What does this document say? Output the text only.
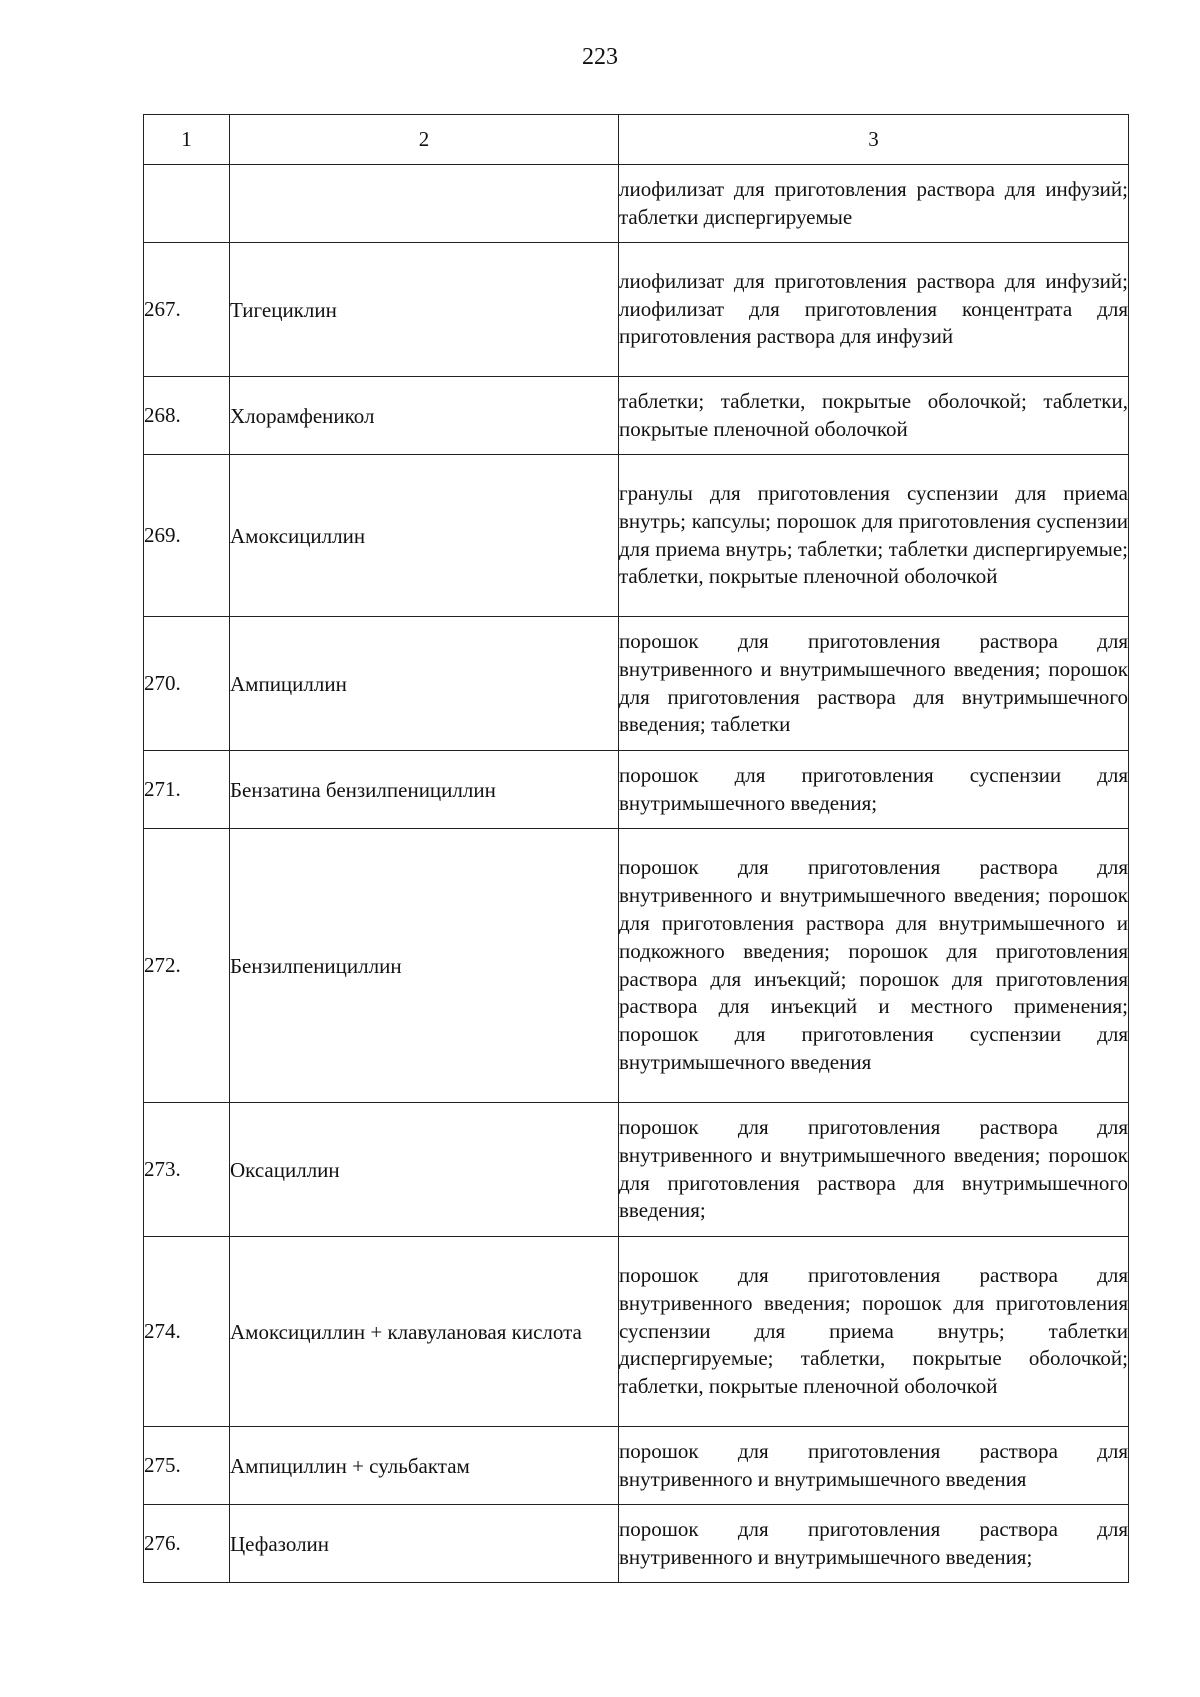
223
1	2	3
		лиофилизат для приготовления раствора для инфузий; таблетки диспергируемые
267.	Тигециклин	лиофилизат для приготовления раствора для инфузий; лиофилизат для приготовления концентрата для приготовления раствора для инфузий
268.	Хлорамфеникол	таблетки; таблетки, покрытые оболочкой; таблетки, покрытые пленочной оболочкой
269.	Амоксициллин	гранулы для приготовления суспензии для приема внутрь; капсулы; порошок для приготовления суспензии для приема внутрь; таблетки; таблетки диспергируемые; таблетки, покрытые пленочной оболочкой
270.	Ампициллин	порошок для приготовления раствора для внутривенного и внутримышечного введения; порошок для приготовления раствора для внутримышечного введения; таблетки
271.	Бензатина бензилпенициллин	порошок для приготовления суспензии для внутримышечного введения;
272.	Бензилпенициллин	порошок для приготовления раствора для внутривенного и внутримышечного введения; порошок для приготовления раствора для внутримышечного и подкожного введения; порошок для приготовления раствора для инъекций; порошок для приготовления раствора для инъекций и местного применения; порошок для приготовления суспензии для внутримышечного введения
273.	Оксациллин	порошок для приготовления раствора для внутривенного и внутримышечного введения; порошок для приготовления раствора для внутримышечного введения;
274.	Амоксициллин + клавулановая кислота	порошок для приготовления раствора для внутривенного введения; порошок для приготовления суспензии для приема внутрь; таблетки диспергируемые; таблетки, покрытые оболочкой; таблетки, покрытые пленочной оболочкой
275.	Ампициллин + сульбактам	порошок для приготовления раствора для внутривенного и внутримышечного введения
276.	Цефазолин	порошок для приготовления раствора для внутривенного и внутримышечного введения;
